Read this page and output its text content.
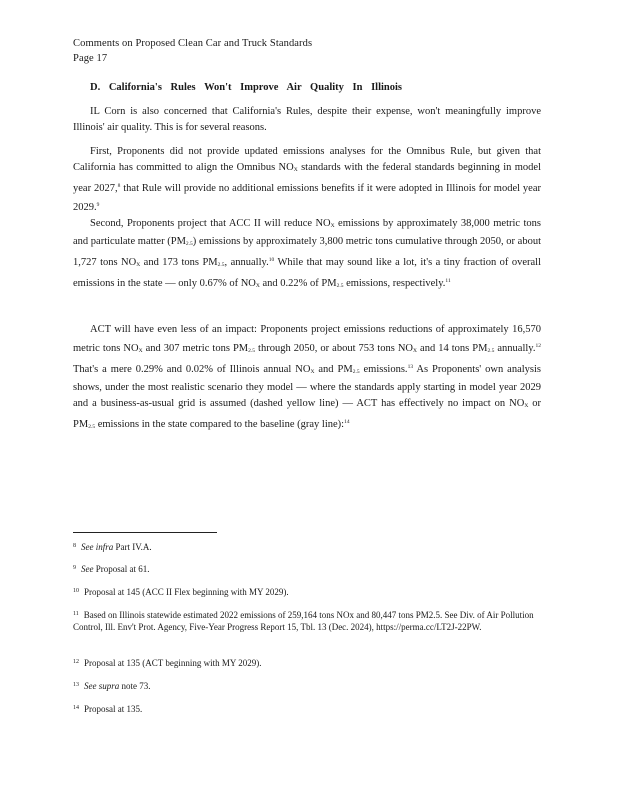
Comments on Proposed Clean Car and Truck Standards
Page 17
D. California's Rules Won't Improve Air Quality In Illinois

IL Corn is also concerned that California's Rules, despite their expense, won't meaningfully improve Illinois' air quality. This is for several reasons.

First, Proponents did not provide updated emissions analyses for the Omnibus Rule, but given that California has committed to align the Omnibus $NO_X$ standards with the federal standards beginning in model year 2027,$^8$ that Rule will provide no additional emissions benefits if it were adopted in Illinois for model year 2029.$^9$

Second, Proponents project that ACC II will reduce $NO_X$ emissions by approximately 38,000 metric tons and particulate matter $(PM_{2.5})$ emissions by approximately 3,800 metric tons cumulative through 2050, or about 1,727 tons $NO_X$ and 173 tons $PM_{2.5}$, annually.$^{10}$ While that may sound like a lot, it's a tiny fraction of overall emissions in the state — only 0.67% of $NO_X$ and 0.22% of $PM_{2.5}$ emissions, respectively.$^{11}$

ACT will have even less of an impact: Proponents project emissions reductions of approximately 16,570 metric tons $NO_X$ and 307 metric tons $PM_{2.5}$ through 2050, or about 753 tons $NO_X$ and 14 tons $PM_{2.5}$ annually.$^{12}$ That's a mere 0.29% and 0.02% of Illinois annual $NO_X$ and $PM_{2.5}$ emissions.$^{13}$ As Proponents' own analysis shows, under the most realistic scenario they model — where the standards apply starting in model year 2029 and a business-as-usual grid is assumed (dashed yellow line) — ACT has effectively no impact on $NO_X$ or $PM_{2.5}$ emissions in the state compared to the baseline (gray line):$^{14}$

$^8$ See infra Part IV.A.

$^9$ See Proposal at 61.

$^{10}$ Proposal at 145 (ACC II Flex beginning with MY 2029).

$^{11}$ Based on Illinois statewide estimated 2022 emissions of 259,164 tons NOx and 80,447 tons PM2.5. See Div. of Air Pollution Control, Ill. Env't Prot. Agency, Five-Year Progress Report 15, Tbl. 13 (Dec. 2024), https://perma.cc/LT2J-22PW.

$^{12}$ Proposal at 135 (ACT beginning with MY 2029).

$^{13}$ See supra note 73.

$^{14}$ Proposal at 135.
